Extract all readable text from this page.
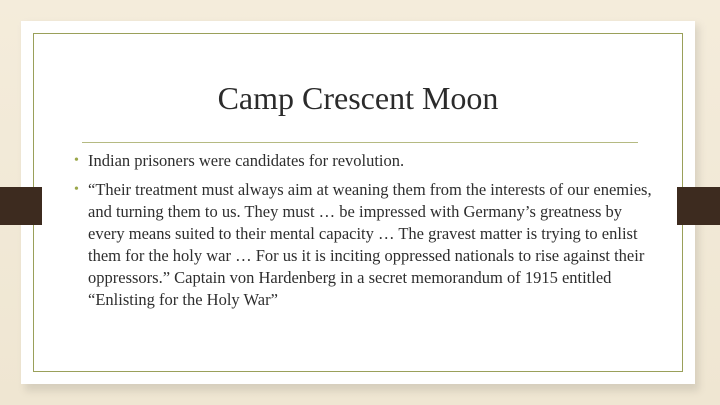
Camp Crescent Moon
• Indian prisoners were candidates for revolution.
• “Their treatment must always aim at weaning them from the interests of our enemies, and turning them to us. They must … be impressed with Germany’s greatness by every means suited to their mental capacity … The gravest matter is trying to enlist them for the holy war … For us it is inciting oppressed nationals to rise against their oppressors.” Captain von Hardenberg in a secret memorandum of 1915 entitled “Enlisting for the Holy War”
